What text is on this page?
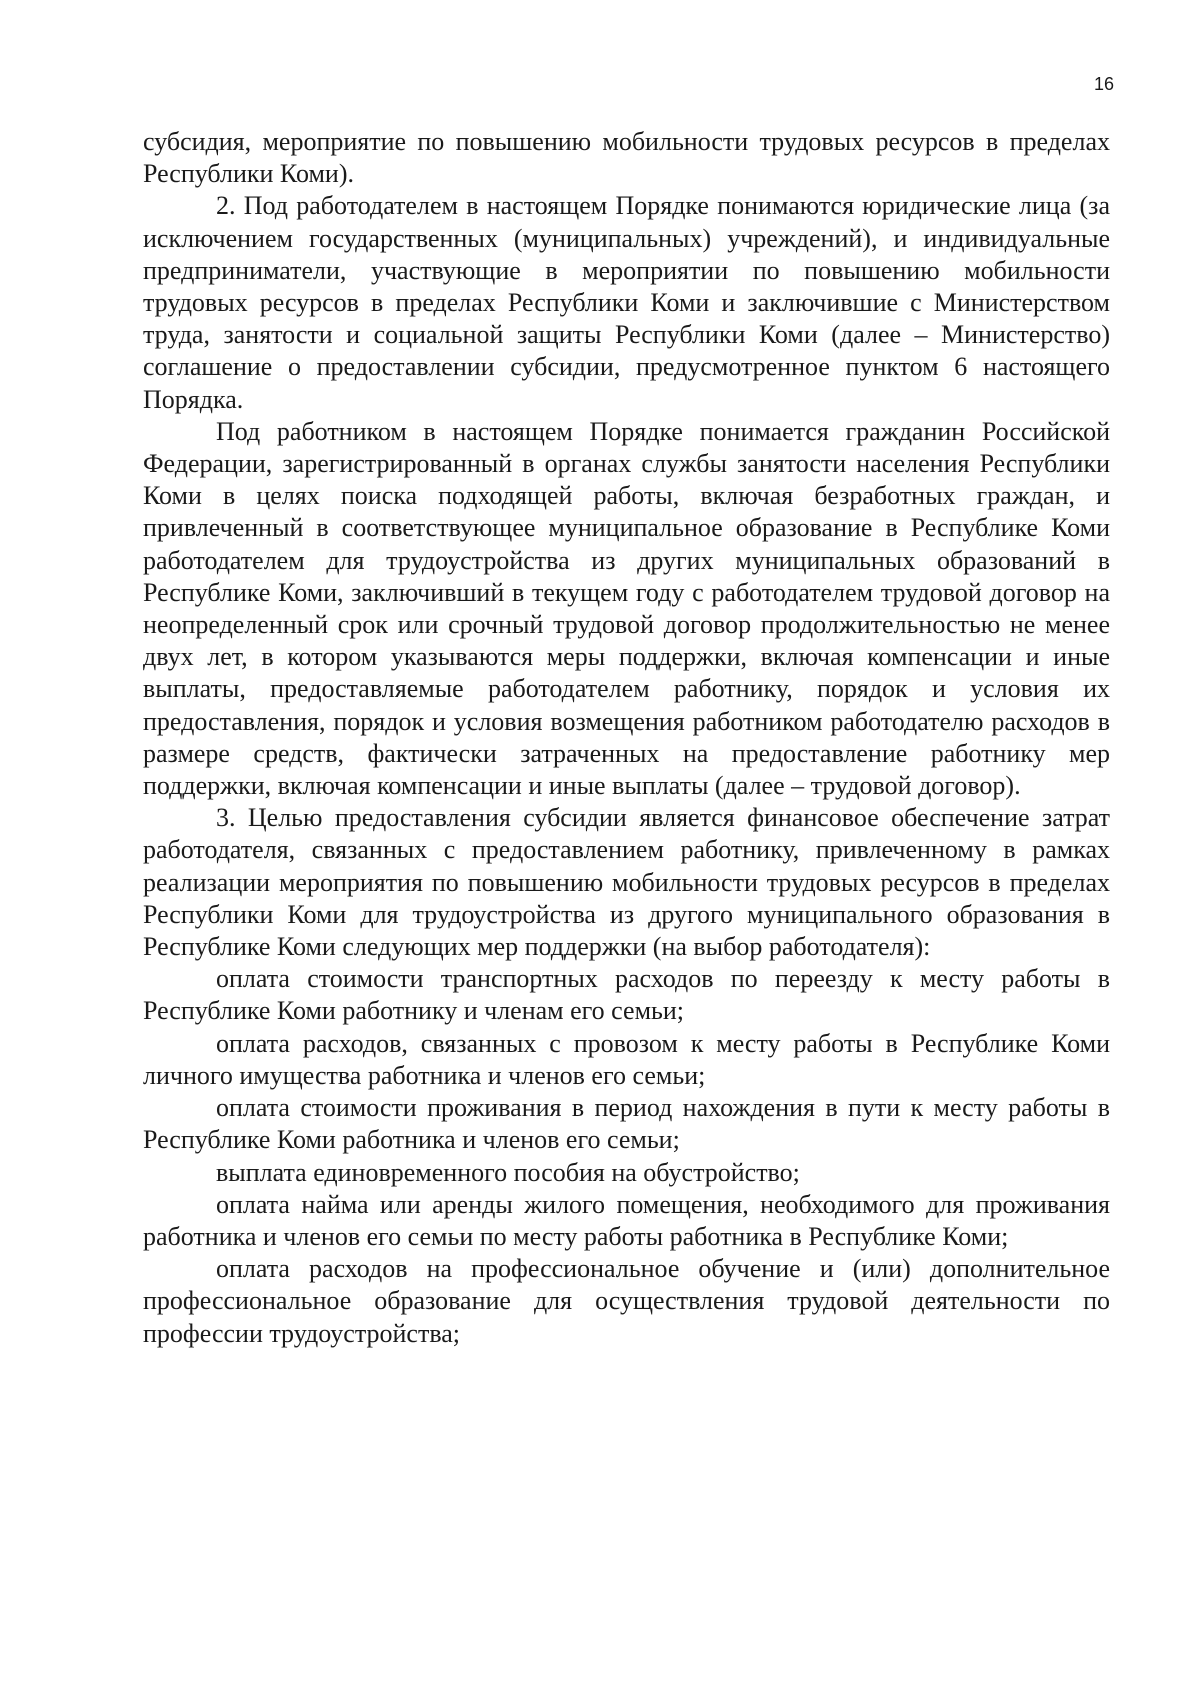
16

субсидия, мероприятие по повышению мобильности трудовых ресурсов в пределах Республики Коми).

2. Под работодателем в настоящем Порядке понимаются юридические лица (за исключением государственных (муниципальных) учреждений), и индивидуальные предприниматели, участвующие в мероприятии по повышению мобильности трудовых ресурсов в пределах Республики Коми и заключившие с Министерством труда, занятости и социальной защиты Республики Коми (далее – Министерство) соглашение о предоставлении субсидии, предусмотренное пунктом 6 настоящего Порядка.

Под работником в настоящем Порядке понимается гражданин Российской Федерации, зарегистрированный в органах службы занятости населения Республики Коми в целях поиска подходящей работы, включая безработных граждан, и привлеченный в соответствующее муниципальное образование в Республике Коми работодателем для трудоустройства из других муниципальных образований в Республике Коми, заключивший в текущем году с работодателем трудовой договор на неопределенный срок или срочный трудовой договор продолжительностью не менее двух лет, в котором указываются меры поддержки, включая компенсации и иные выплаты, предоставляемые работодателем работнику, порядок и условия их предоставления, порядок и условия возмещения работником работодателю расходов в размере средств, фактически затраченных на предоставление работнику мер поддержки, включая компенсации и иные выплаты (далее – трудовой договор).

3. Целью предоставления субсидии является финансовое обеспечение затрат работодателя, связанных с предоставлением работнику, привлеченному в рамках реализации мероприятия по повышению мобильности трудовых ресурсов в пределах Республики Коми для трудоустройства из другого муниципального образования в Республике Коми следующих мер поддержки (на выбор работодателя):

оплата стоимости транспортных расходов по переезду к месту работы в Республике Коми работнику и членам его семьи;

оплата расходов, связанных с провозом к месту работы в Республике Коми личного имущества работника и членов его семьи;

оплата стоимости проживания в период нахождения в пути к месту работы в Республике Коми работника и членов его семьи;

выплата единовременного пособия на обустройство;

оплата найма или аренды жилого помещения, необходимого для проживания работника и членов его семьи по месту работы работника в Республике Коми;

оплата расходов на профессиональное обучение и (или) дополнительное профессиональное образование для осуществления трудовой деятельности по профессии трудоустройства;
